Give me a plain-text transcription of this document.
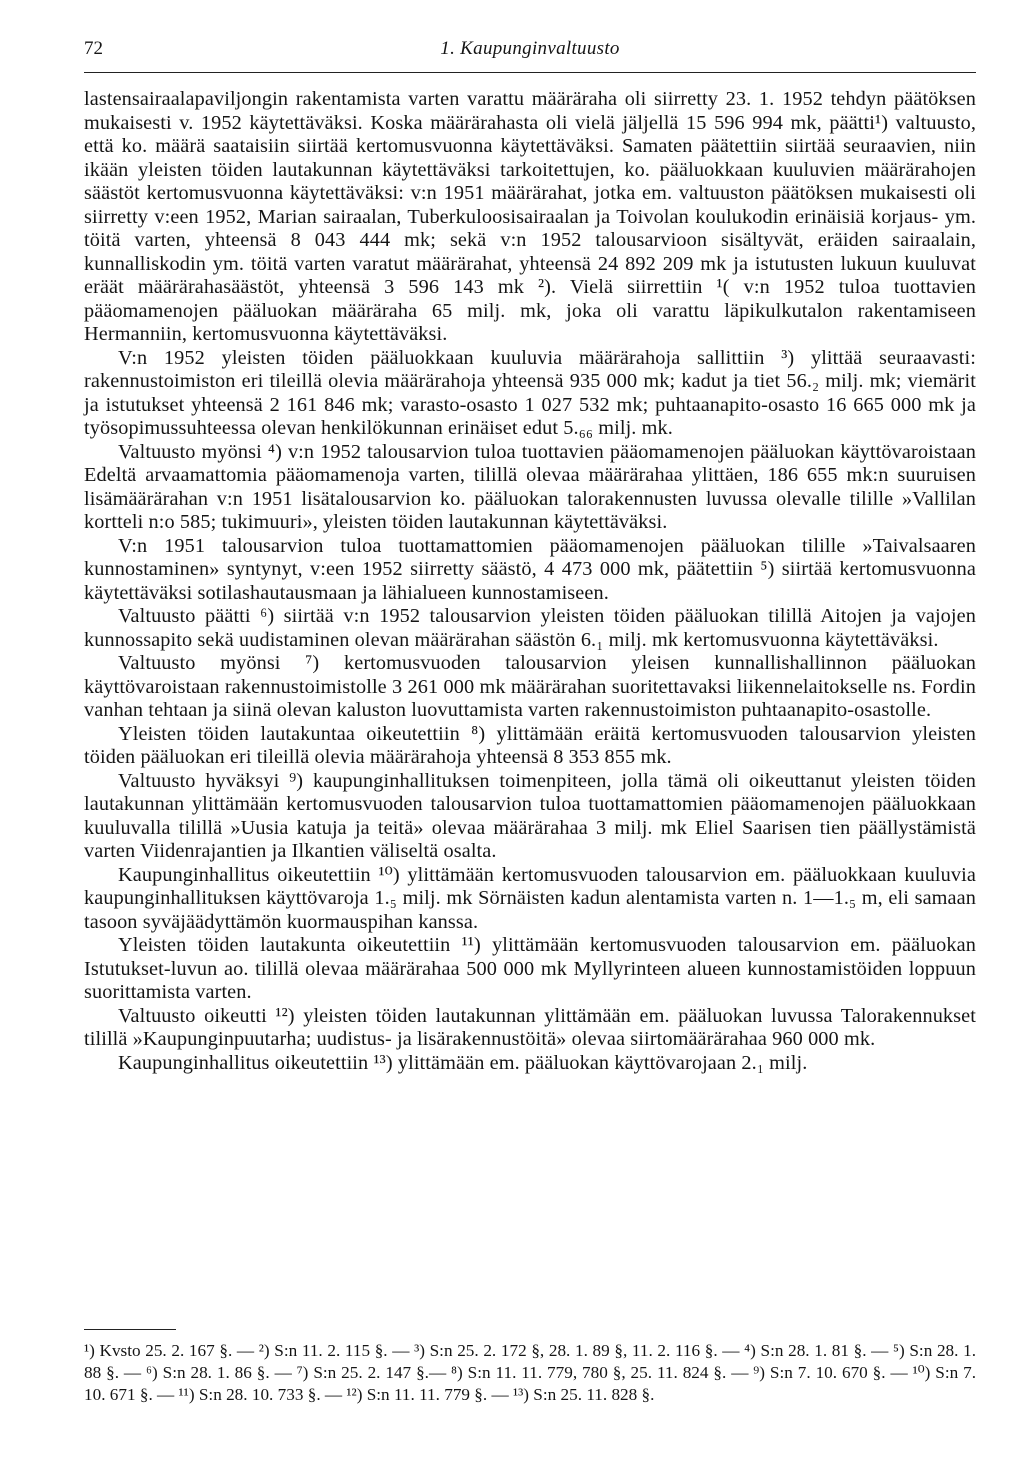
72	1. Kaupunginvaltuusto

lastensairaalapaviljongin rakentamista varten varattu määräraha oli siirretty 23. 1. 1952 tehdyn päätöksen mukaisesti v. 1952 käytettäväksi. Koska määrärahasta oli vielä jäljellä 15 596 994 mk, päätti¹) valtuusto, että ko. määrä saataisiin siirtää kertomusvuonna käytettäväksi. Samaten päätettiin siirtää seuraavien, niin ikään yleisten töiden lautakunnan käytettäväksi tarkoitettujen, ko. pääluokkaan kuuluvien määrärahojen säästöt kertomusvuonna käytettäväksi: v:n 1951 määrärahat, jotka em. valtuuston päätöksen mukaisesti oli siirretty v:een 1952, Marian sairaalan, Tuberkuloosisairaalan ja Toivolan koulukodin erinäisiä korjaus- ym. töitä varten, yhteensä 8 043 444 mk; sekä v:n 1952 talousarvioon sisältyvät, eräiden sairaalain, kunnalliskodin ym. töitä varten varatut määrärahat, yhteensä 24 892 209 mk ja istutusten lukuun kuuluvat eräät määrärahasäästöt, yhteensä 3 596 143 mk ²). Vielä siirrettiin ¹( v:n 1952 tuloa tuottavien pääomamenojen pääluokan määräraha 65 milj. mk, joka oli varattu läpikulkutalon rakentamiseen Hermanniin, kertomusvuonna käytettäväksi.

V:n 1952 yleisten töiden pääluokkaan kuuluvia määrärahoja sallittiin ³) ylittää seuraavasti: rakennustoimiston eri tileillä olevia määrärahoja yhteensä 935 000 mk; kadut ja tiet 56.₂ milj. mk; viemärit ja istutukset yhteensä 2 161 846 mk; varasto-osasto 1 027 532 mk; puhtaanapito-osasto 16 665 000 mk ja työsopimussuhteessa olevan henkilökunnan erinäiset edut 5.₆₆ milj. mk.

Valtuusto myönsi ⁴) v:n 1952 talousarvion tuloa tuottavien pääomamenojen pääluokan käyttövaroistaan Edeltä arvaamattomia pääomamenoja varten, tilillä olevaa määrärahaa ylittäen, 186 655 mk:n suuruisen lisämäärärahan v:n 1951 lisätalousarvion ko. pääluokan talorakennusten luvussa olevalle tilille »Vallilan kortteli n:o 585; tukimuuri», yleisten töiden lautakunnan käytettäväksi.

V:n 1951 talousarvion tuloa tuottamattomien pääomamenojen pääluokan tilille »Taivalsaaren kunnostaminen» syntynyt, v:een 1952 siirretty säästö, 4 473 000 mk, päätettiin ⁵) siirtää kertomusvuonna käytettäväksi sotilashautausmaan ja lähialueen kunnostamiseen.

Valtuusto päätti ⁶) siirtää v:n 1952 talousarvion yleisten töiden pääluokan tilillä Aitojen ja vajojen kunnossapito sekä uudistaminen olevan määrärahan säästön 6.₁ milj. mk kertomusvuonna käytettäväksi.

Valtuusto myönsi ⁷) kertomusvuoden talousarvion yleisen kunnallishallinnon pääluokan käyttövaroistaan rakennustoimistolle 3 261 000 mk määrärahan suoritettavaksi liikennelaitokselle ns. Fordin vanhan tehtaan ja siinä olevan kaluston luovuttamista varten rakennustoimiston puhtaanapito-osastolle.

Yleisten töiden lautakuntaa oikeutettiin ⁸) ylittämään eräitä kertomusvuoden talousarvion yleisten töiden pääluokan eri tileillä olevia määrärahoja yhteensä 8 353 855 mk.

Valtuusto hyväksyi ⁹) kaupunginhallituksen toimenpiteen, jolla tämä oli oikeuttanut yleisten töiden lautakunnan ylittämään kertomusvuoden talousarvion tuloa tuottamattomien pääomamenojen pääluokkaan kuuluvalla tilillä »Uusia katuja ja teitä» olevaa määrärahaa 3 milj. mk Eliel Saarisen tien päällystämistä varten Viidenrajantien ja Ilkantien väliseltä osalta.

Kaupunginhallitus oikeutettiin ¹⁰) ylittämään kertomusvuoden talousarvion em. pääluokkaan kuuluvia kaupunginhallituksen käyttövaroja 1.₅ milj. mk Sörnäisten kadun alentamista varten n. 1—1.₅ m, eli samaan tasoon syväjäädyttämön kuormauspihan kanssa.

Yleisten töiden lautakunta oikeutettiin ¹¹) ylittämään kertomusvuoden talousarvion em. pääluokan Istutukset-luvun ao. tilillä olevaa määrärahaa 500 000 mk Myllyrinteen alueen kunnostamistöiden loppuun suorittamista varten.

Valtuusto oikeutti ¹²) yleisten töiden lautakunnan ylittämään em. pääluokan luvussa Talorakennukset tilillä »Kaupunginpuutarha; uudistus- ja lisärakennustöitä» olevaa siirtomäärärahaa 960 000 mk.

Kaupunginhallitus oikeutettiin ¹³) ylittämään em. pääluokan käyttövarojaan 2.₁ milj.

¹) Kvsto 25. 2. 167 §. — ²) S:n 11. 2. 115 §. — ³) S:n 25. 2. 172 §, 28. 1. 89 §, 11. 2. 116 §. — ⁴) S:n 28. 1. 81 §. — ⁵) S:n 28. 1. 88 §. — ⁶) S:n 28. 1. 86 §. — ⁷) S:n 25. 2. 147 §.— ⁸) S:n 11. 11. 779, 780 §, 25. 11. 824 §. — ⁹) S:n 7. 10. 670 §. — ¹⁰) S:n 7. 10. 671 §. — ¹¹) S:n 28. 10. 733 §. — ¹²) S:n 11. 11. 779 §. — ¹³) S:n 25. 11. 828 §.
